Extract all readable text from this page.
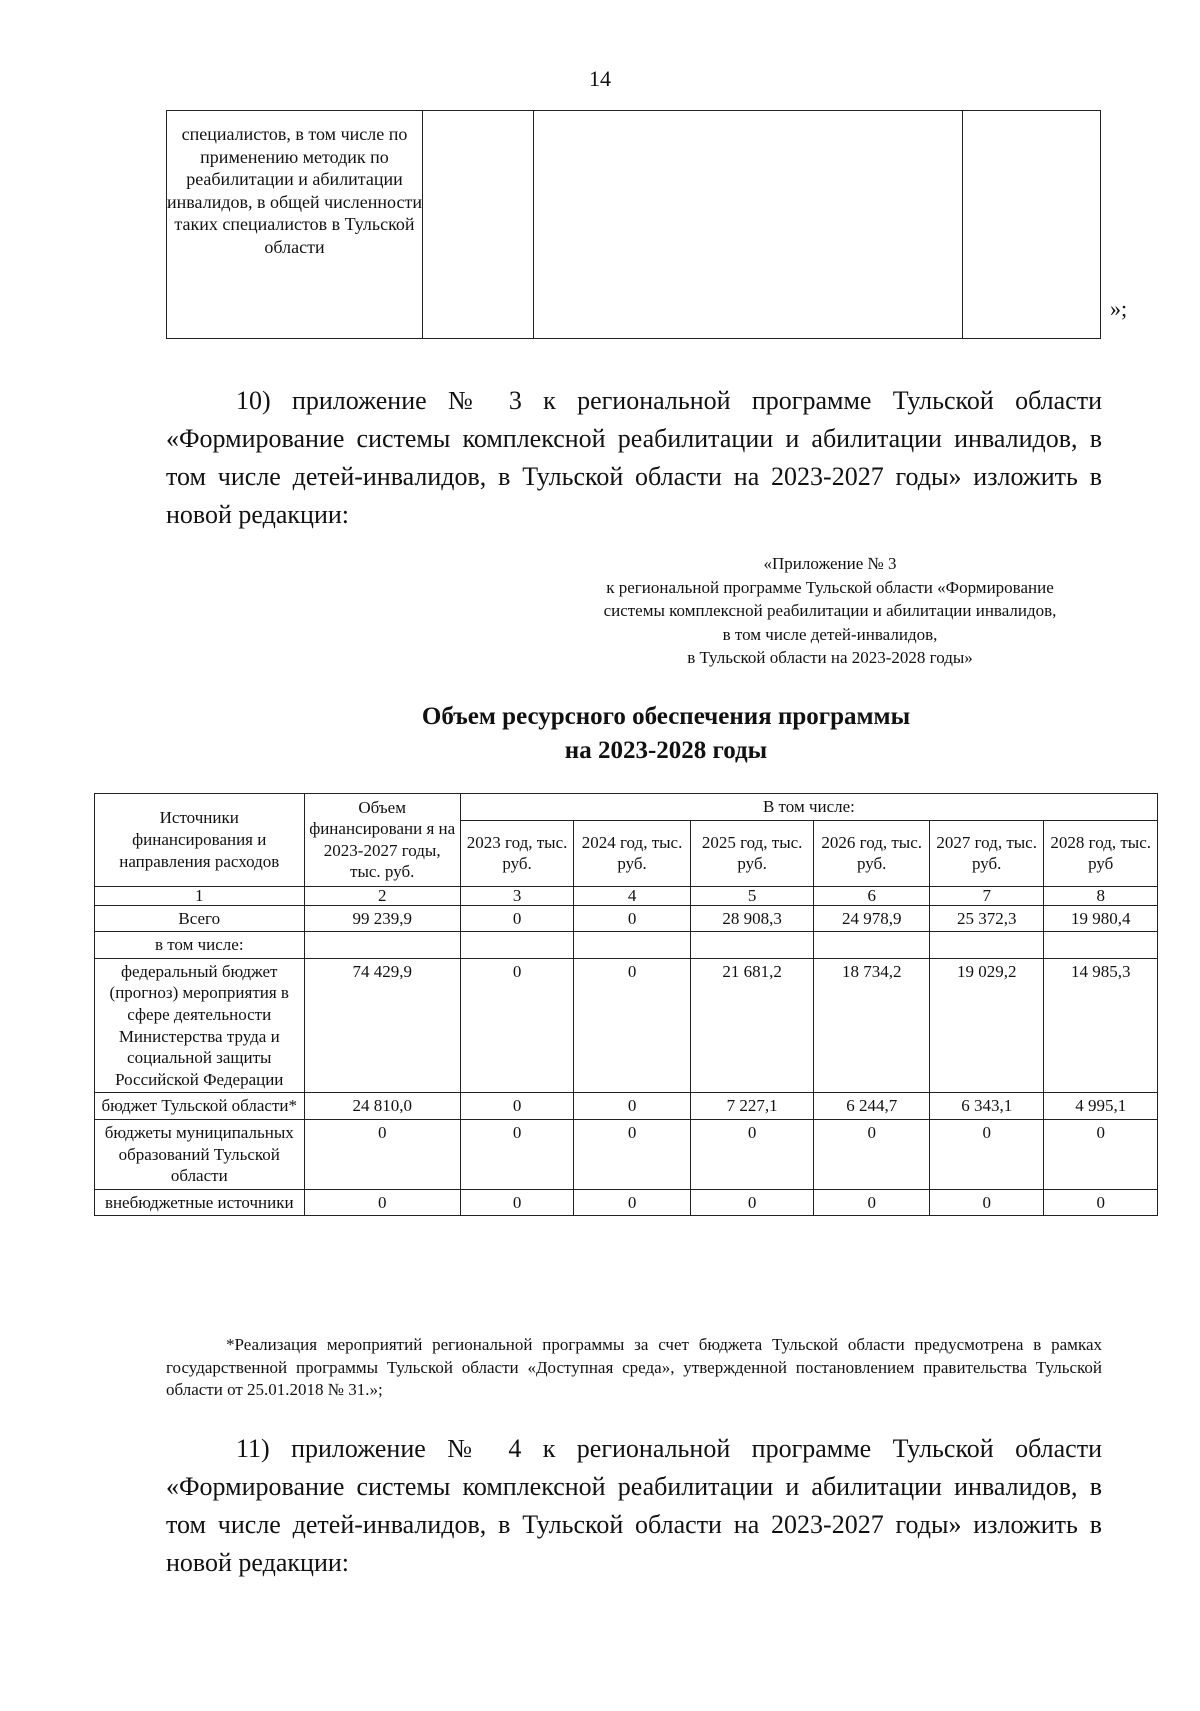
14
специалистов, в том числе по применению методик по реабилитации и абилитации инвалидов, в общей численности таких специалистов в Тульской области			
»;

10) приложение № 3 к региональной программе Тульской области «Формирование системы комплексной реабилитации и абилитации инвалидов, в том числе детей-инвалидов, в Тульской области на 2023-2027 годы» изложить в новой редакции:

«Приложение № 3
к региональной программе Тульской области «Формирование
системы комплексной реабилитации и абилитации инвалидов,
в том числе детей-инвалидов,
в Тульской области на 2023-2028 годы»
Объем ресурсного обеспечения программы
на 2023-2028 годы
Источники финансирования и направления расходов	Объем финансировани я на 2023-2027 годы, тыс. руб.	В том числе:					
		2023 год, тыс. руб.	2024 год, тыс. руб.	2025 год, тыс. руб.	2026 год, тыс. руб.	2027 год, тыс. руб.	2028 год, тыс. руб
1	2	3	4	5	6	7	8
Всего	99 239,9	0	0	28 908,3	24 978,9	25 372,3	19 980,4
в том числе:							
федеральный бюджет (прогноз) мероприятия в сфере деятельности Министерства труда и социальной защиты Российской Федерации	74 429,9	0	0	21 681,2	18 734,2	19 029,2	14 985,3
бюджет Тульской области*	24 810,0	0	0	7 227,1	6 244,7	6 343,1	4 995,1
бюджеты муниципальных образований Тульской области	0	0	0	0	0	0	0
внебюджетные источники	0	0	0	0	0	0	0

*Реализация мероприятий региональной программы за счет бюджета Тульской области предусмотрена в рамках государственной программы Тульской области «Доступная среда», утвержденной постановлением правительства Тульской области от 25.01.2018 № 31.»;

11) приложение № 4 к региональной программе Тульской области «Формирование системы комплексной реабилитации и абилитации инвалидов, в том числе детей-инвалидов, в Тульской области на 2023-2027 годы» изложить в новой редакции:
